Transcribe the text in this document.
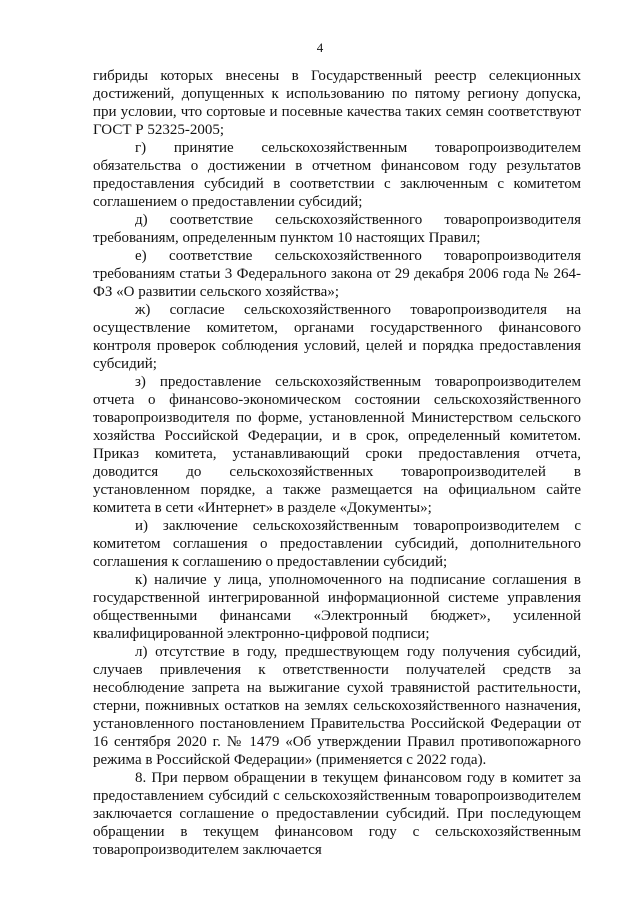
4

гибриды которых внесены в Государственный реестр селекционных достижений, допущенных к использованию по пятому региону допуска, при условии, что сортовые и посевные качества таких семян соответствуют ГОСТ Р 52325-2005;

г) принятие сельскохозяйственным товаропроизводителем обязательства о достижении в отчетном финансовом году результатов предоставления субсидий в соответствии с заключенным с комитетом соглашением о предоставлении субсидий;

д) соответствие сельскохозяйственного товаропроизводителя требованиям, определенным пунктом 10 настоящих Правил;

е) соответствие сельскохозяйственного товаропроизводителя требованиям статьи 3 Федерального закона от 29 декабря 2006 года № 264-ФЗ «О развитии сельского хозяйства»;

ж) согласие сельскохозяйственного товаропроизводителя на осуществление комитетом, органами государственного финансового контроля проверок соблюдения условий, целей и порядка предоставления субсидий;

з) предоставление сельскохозяйственным товаропроизводителем отчета о финансово-экономическом состоянии сельскохозяйственного товаропроизводителя по форме, установленной Министерством сельского хозяйства Российской Федерации, и в срок, определенный комитетом. Приказ комитета, устанавливающий сроки предоставления отчета, доводится до сельскохозяйственных товаропроизводителей в установленном порядке, а также размещается на официальном сайте комитета в сети «Интернет» в разделе «Документы»;

и) заключение сельскохозяйственным товаропроизводителем с комитетом соглашения о предоставлении субсидий, дополнительного соглашения к соглашению о предоставлении субсидий;

к) наличие у лица, уполномоченного на подписание соглашения в государственной интегрированной информационной системе управления общественными финансами «Электронный бюджет», усиленной квалифицированной электронно-цифровой подписи;

л) отсутствие в году, предшествующем году получения субсидий, случаев привлечения к ответственности получателей средств за несоблюдение запрета на выжигание сухой травянистой растительности, стерни, пожнивных остатков на землях сельскохозяйственного назначения, установленного постановлением Правительства Российской Федерации от 16 сентября 2020 г. № 1479 «Об утверждении Правил противопожарного режима в Российской Федерации» (применяется с 2022 года).

8. При первом обращении в текущем финансовом году в комитет за предоставлением субсидий с сельскохозяйственным товаропроизводителем заключается соглашение о предоставлении субсидий. При последующем обращении в текущем финансовом году с сельскохозяйственным товаропроизводителем заключается
